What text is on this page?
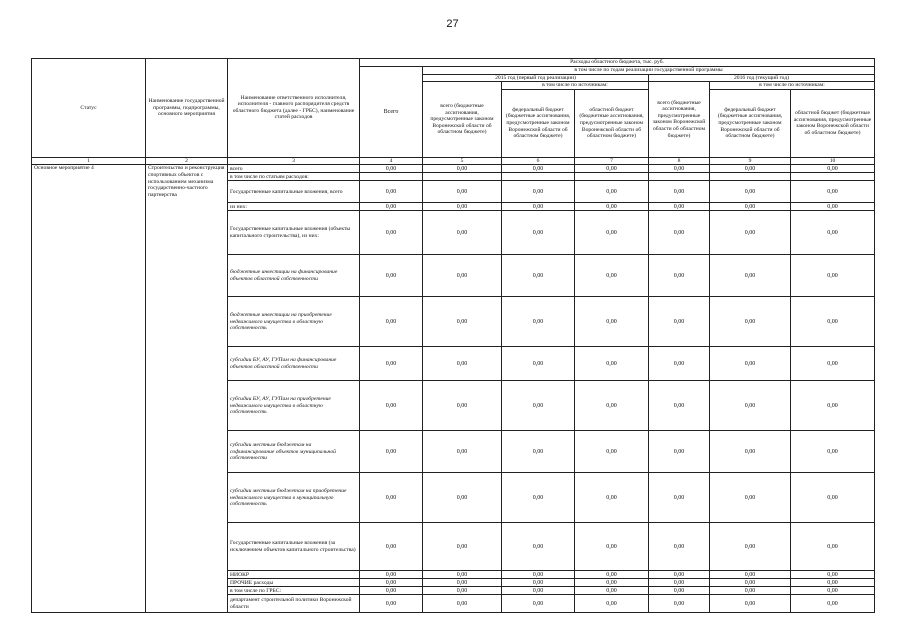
27
Статус	Наименование государственной программы, подпрограммы, основного мероприятия	Наименование ответственного исполнителя, исполнителя - главного распорядителя средств областного бюджета (далее - ГРБС), наименование статей расходов	Расходы областного бюджета, тыс. руб.						
			Всего	в том числе по годам реализации государственной программы					
				2015 год (первый год реализации)			2016 год (текущий год)		
				всего (бюджетные ассигнования, предусмотренные законом Воронежской области об областном бюджете)	в том числе по источникам:		всего (бюджетные ассигнования, предусмотренные законом Воронежской области об областном бюджете)	в том числе по источникам:	
					федеральный бюджет (бюджетные ассигнования, предусмотренные законом Воронежской области об областном бюджете)	областной бюджет (бюджетные ассигнования, предусмотренные законом Воронежской области об областном бюджете)		федеральный бюджет (бюджетные ассигнования, предусмотренные законом Воронежской области об областном бюджете)	областной бюджет (бюджетные ассигнования, предусмотренные законом Воронежской области об областном бюджете)
1	2	3	4	5	6	7	8	9	10
Основное мероприятие 4	Строительство и реконструкция спортивных объектов с использованием механизма государственно-частного партнерства	всего	0,00	0,00	0,00	0,00	0,00	0,00	0,00
		в том числе по статьям расходов:							
		Государственные капитальные вложения, всего	0,00	0,00	0,00	0,00	0,00	0,00	0,00
		из них:	0,00	0,00	0,00	0,00	0,00	0,00	0,00
		Государственные капитальные вложения (объекты капитального строительства), из них:	0,00	0,00	0,00	0,00	0,00	0,00	0,00
		бюджетные инвестиции на финансирование объектов областной собственности	0,00	0,00	0,00	0,00	0,00	0,00	0,00
		бюджетные инвестиции на приобретение недвижимого имущества в областную собственность	0,00	0,00	0,00	0,00	0,00	0,00	0,00
		субсидии БУ, АУ, ГУПам на финансирование объектов областной собственности	0,00	0,00	0,00	0,00	0,00	0,00	0,00
		субсидии БУ, АУ, ГУПам на приобретение недвижимого имущества в областную собственность	0,00	0,00	0,00	0,00	0,00	0,00	0,00
		субсидии местным бюджетам на софинансирование объектов муниципальной собственности	0,00	0,00	0,00	0,00	0,00	0,00	0,00
		субсидии местным бюджетам на приобретение недвижимого имущества в муниципальную собственность	0,00	0,00	0,00	0,00	0,00	0,00	0,00
		Государственные капитальные вложения (за исключением объектов капитального строительства)	0,00	0,00	0,00	0,00	0,00	0,00	0,00
		НИОКР	0,00	0,00	0,00	0,00	0,00	0,00	0,00
		ПРОЧИЕ расходы	0,00	0,00	0,00	0,00	0,00	0,00	0,00
		в том числе по ГРБС:	0,00	0,00	0,00	0,00	0,00	0,00	0,00
		департамент строительной политики Воронежской области	0,00	0,00	0,00	0,00	0,00	0,00	0,00
